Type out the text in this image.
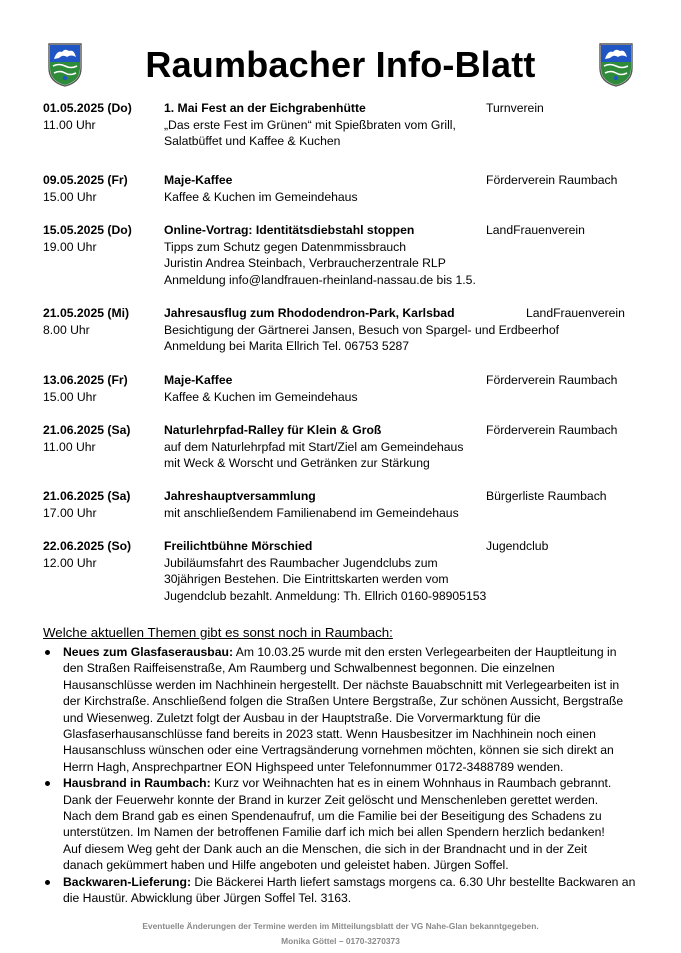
Raumbacher Info-Blatt
01.05.2025 (Do)
11.00 Uhr
1. Mai Fest an der Eichgrabenhütte	Turnverein
„Das erste Fest im Grünen“ mit Spießbraten vom Grill,
Salatbüffet und Kaffee & Kuchen
09.05.2025 (Fr)
15.00 Uhr
Maje-Kaffee	Förderverein Raumbach
Kaffee & Kuchen im Gemeindehaus
15.05.2025 (Do)
19.00 Uhr
Online-Vortrag: Identitätsdiebstahl stoppen	LandFrauenverein
Tipps zum Schutz gegen Datenmmissbrauch
Juristin Andrea Steinbach, Verbraucherzentrale RLP
Anmeldung info@landfrauen-rheinland-nassau.de bis 1.5.
21.05.2025 (Mi)
8.00 Uhr
Jahresausflug zum Rhododendron-Park, Karlsbad	LandFrauenverein
Besichtigung der Gärtnerei Jansen, Besuch von Spargel- und Erdbeerhof
Anmeldung bei Marita Ellrich Tel. 06753 5287
13.06.2025 (Fr)
15.00 Uhr
Maje-Kaffee	Förderverein Raumbach
Kaffee & Kuchen im Gemeindehaus
21.06.2025 (Sa)
11.00 Uhr
Naturlehrpfad-Ralley für Klein & Groß	Förderverein Raumbach
auf dem Naturlehrpfad mit Start/Ziel am Gemeindehaus
mit Weck & Worscht und Getränken zur Stärkung
21.06.2025 (Sa)
17.00 Uhr
Jahreshauptversammlung	Bürgerliste Raumbach
mit anschließendem Familienabend im Gemeindehaus
22.06.2025 (So)
12.00 Uhr
Freilichtbühne Mörschied	Jugendclub
Jubiläumsfahrt des Raumbacher Jugendclubs zum
30jährigen Bestehen. Die Eintrittskarten werden vom
Jugendclub bezahlt. Anmeldung: Th. Ellrich 0160-98905153
Welche aktuellen Themen gibt es sonst noch in Raumbach:
Neues zum Glasfaserausbau: Am 10.03.25 wurde mit den ersten Verlegearbeiten der Hauptleitung in
den Straßen Raiffeisenstraße, Am Raumberg und Schwalbennest begonnen. Die einzelnen
Hausanschlüsse werden im Nachhinein hergestellt. Der nächste Bauabschnitt mit Verlegearbeiten ist in
der Kirchstraße. Anschließend folgen die Straßen Untere Bergstraße, Zur schönen Aussicht, Bergstraße
und Wiesenweg. Zuletzt folgt der Ausbau in der Hauptstraße. Die Vorvermarktung für die
Glasfaserhausanschlüsse fand bereits in 2023 statt. Wenn Hausbesitzer im Nachhinein noch einen
Hausanschluss wünschen oder eine Vertragsänderung vornehmen möchten, können sie sich direkt an
Herrn Hagh, Ansprechpartner EON Highspeed unter Telefonnummer 0172-3488789 wenden.
Hausbrand in Raumbach: Kurz vor Weihnachten hat es in einem Wohnhaus in Raumbach gebrannt.
Dank der Feuerwehr konnte der Brand in kurzer Zeit gelöscht und Menschenleben gerettet werden.
Nach dem Brand gab es einen Spendenaufruf, um die Familie bei der Beseitigung des Schadens zu
unterstützen. Im Namen der betroffenen Familie darf ich mich bei allen Spendern herzlich bedanken!
Auf diesem Weg geht der Dank auch an die Menschen, die sich in der Brandnacht und in der Zeit
danach gekümmert haben und Hilfe angeboten und geleistet haben. Jürgen Soffel.
Backwaren-Lieferung: Die Bäckerei Harth liefert samstags morgens ca. 6.30 Uhr bestellte Backwaren an
die Haustür. Abwicklung über Jürgen Soffel Tel. 3163.
Eventuelle Änderungen der Termine werden im Mitteilungsblatt der VG Nahe-Glan bekanntgegeben.
Monika Göttel – 0170-3270373
